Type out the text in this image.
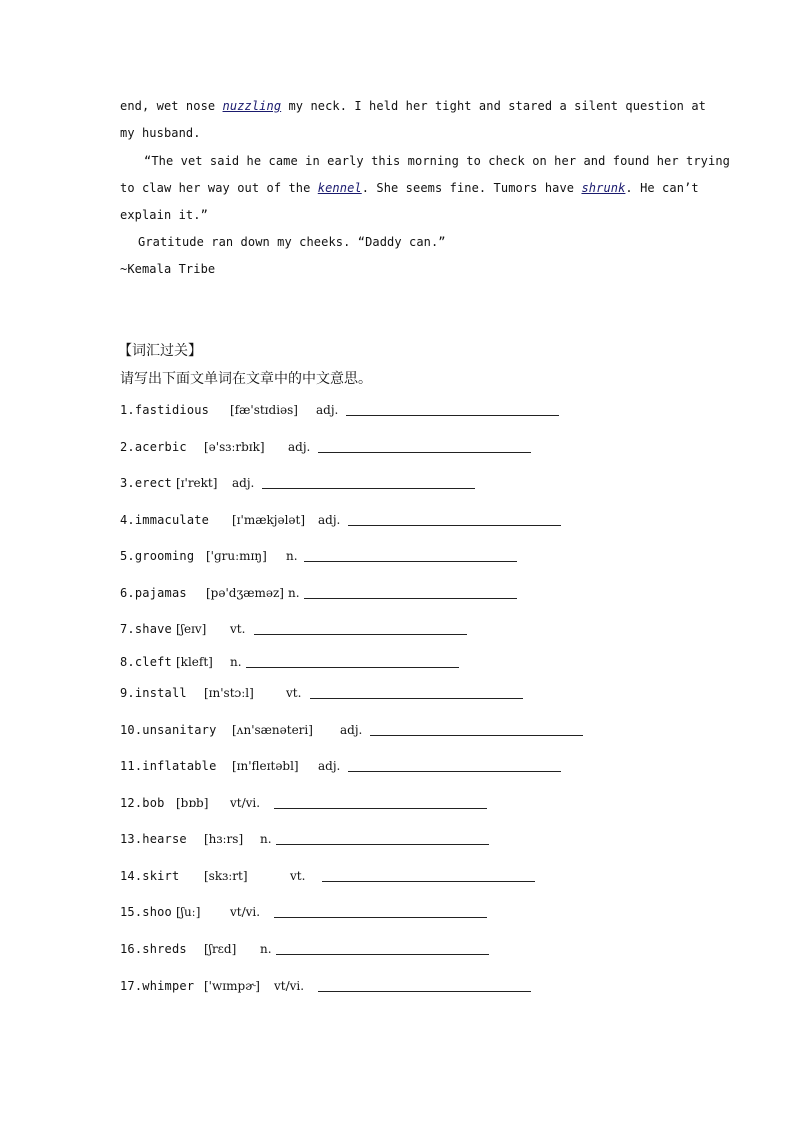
end, wet nose nuzzling my neck. I held her tight and stared a silent question at
my husband.
“The vet said he came in early this morning to check on her and found her trying
to claw her way out of the kennel. She seems fine. Tumors have shrunk. He can’t
explain it.”
Gratitude ran down my cheeks. “Daddy can.”
~Kemala Tribe
【词汇过关】
请写出下面文单词在文章中的中文意思。
1.fastidious [fæ'stɪdiəs] adj.
2.acerbic [ə'sɜːrbɪk] adj.
3.erect [ɪ'rekt] adj.
4.immaculate [ɪ'mækjələt] adj.
5.grooming ['ɡruːmɪŋ] n.
6.pajamas [pə'dʒæməz] n.
7.shave [ʃeɪv] vt.
8.cleft [kleft] n.
9.install [ɪn'stɔːl]	vt.
10.unsanitary [ʌn'sænəteri] adj.
11.inflatable [ɪn'fleɪtəbl] adj.
12.bob [bɒb] vt/vi.
13.hearse [hɜːrs] n.
14.skirt [skɜːrt]	vt.
15.shoo [ʃuː] vt/vi.
16.shreds [ʃrɛd] n.
17.whimper ['wɪmpɚ] vt/vi.
